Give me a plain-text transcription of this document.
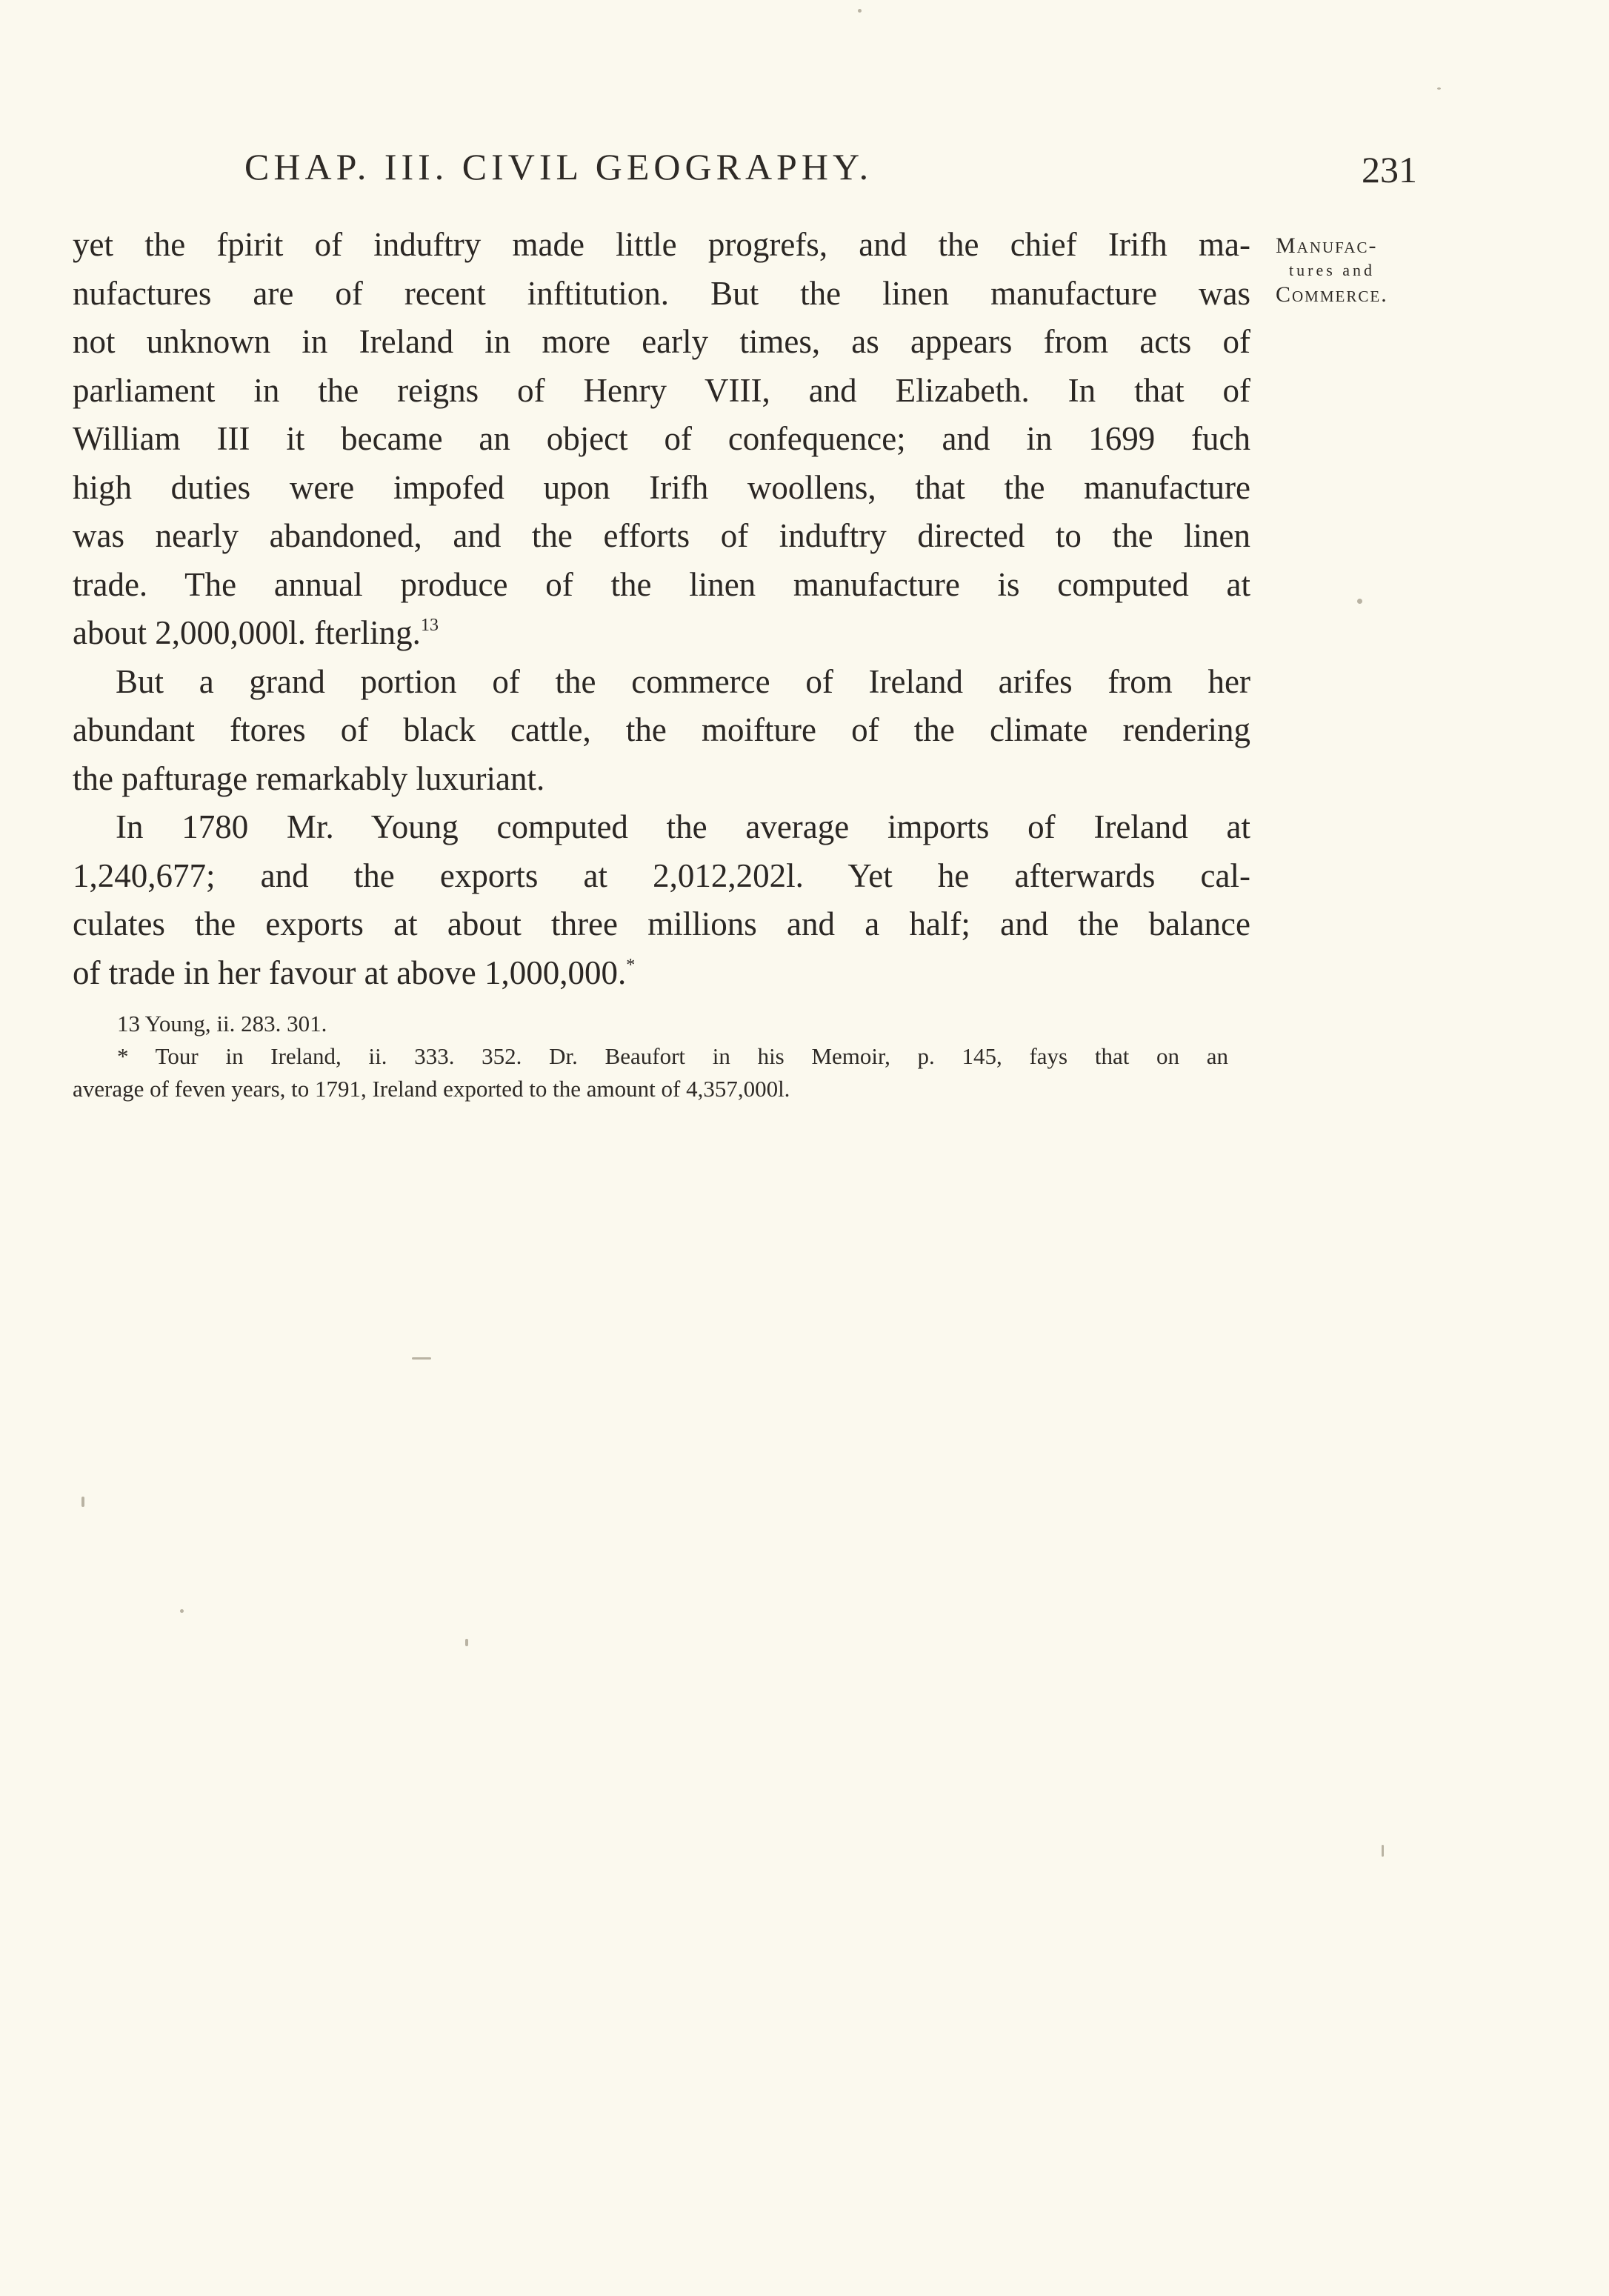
CHAP. III. CIVIL GEOGRAPHY.	231
Manufac-
tures and
Commerce.
yet the fpirit of induftry made little progrefs, and the chief Irifh ma-
nufactures are of recent inftitution. But the linen manufacture was
not unknown in Ireland in more early times, as appears from acts of
parliament in the reigns of Henry VIII, and Elizabeth. In that of
William III it became an object of confequence; and in 1699 fuch
high duties were impofed upon Irifh woollens, that the manufacture
was nearly abandoned, and the efforts of induftry directed to the linen
trade. The annual produce of the linen manufacture is computed at
about 2,000,000l. fterling.$^{13}$
But a grand portion of the commerce of Ireland arifes from her
abundant ftores of black cattle, the moifture of the climate rendering
the pafturage remarkably luxuriant.
In 1780 Mr. Young computed the average imports of Ireland at
1,240,677; and the exports at 2,012,202l. Yet he afterwards cal-
culates the exports at about three millions and a half; and the balance
of trade in her favour at above 1,000,000.*
13 Young, ii. 283. 301.
* Tour in Ireland, ii. 333. 352. Dr. Beaufort in his Memoir, p. 145, fays that on an
average of feven years, to 1791, Ireland exported to the amount of 4,357,000l.
